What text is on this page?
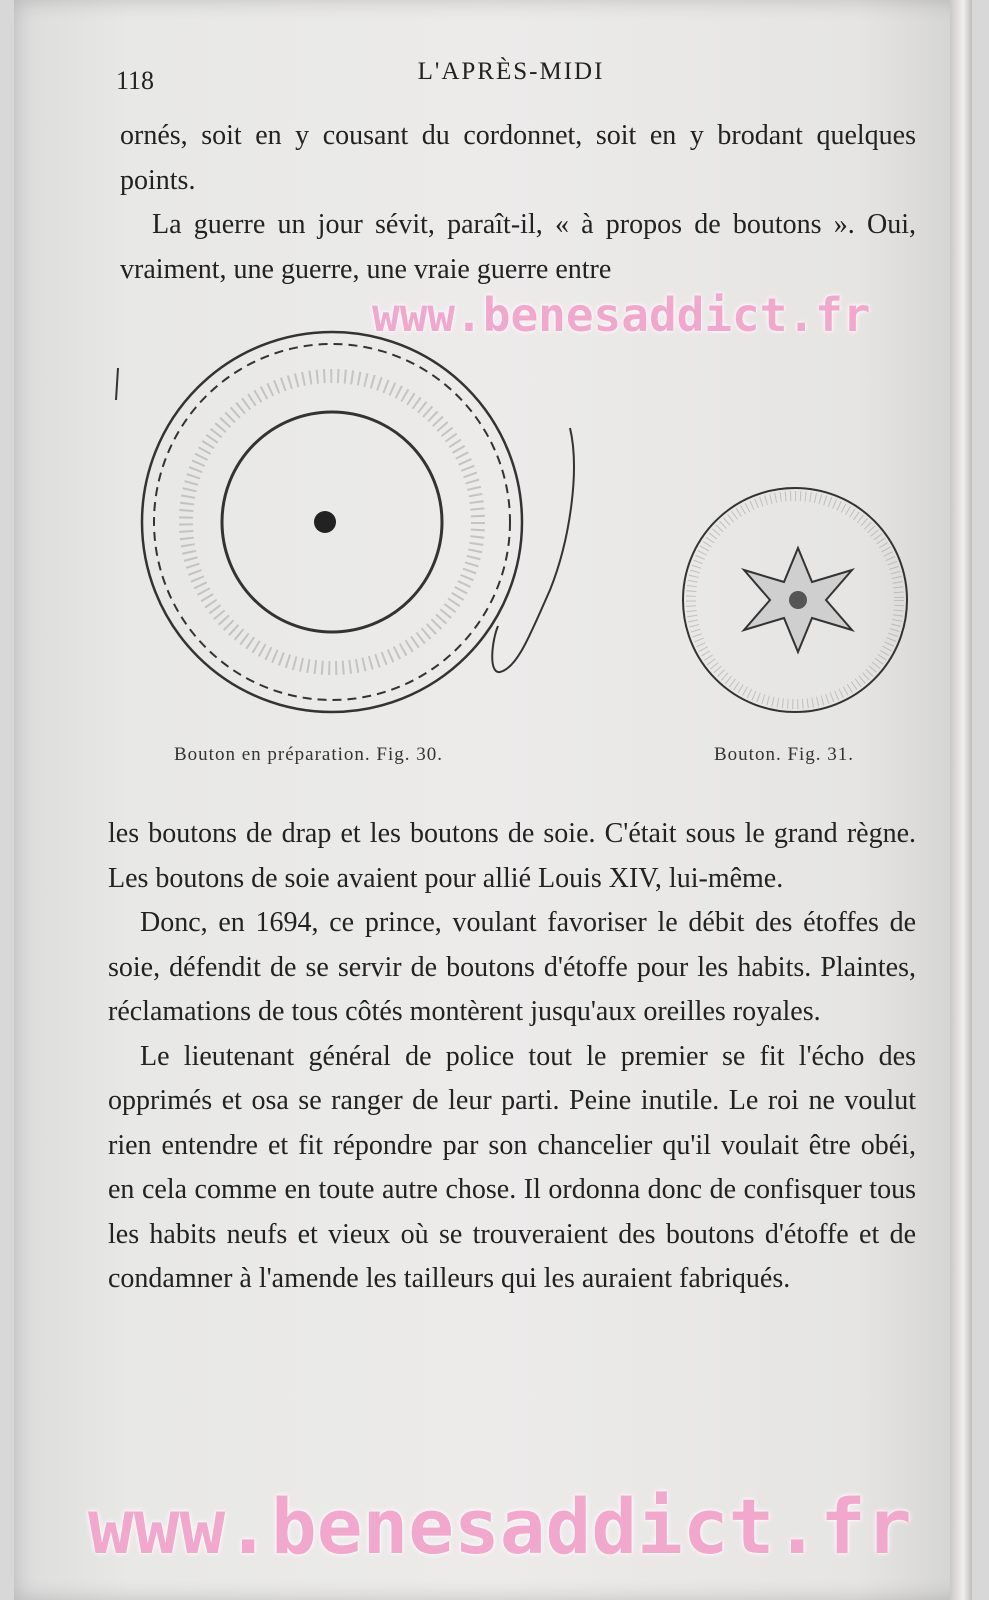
118	L'APRÈS-MIDI

ornés, soit en y cousant du cordonnet, soit en y brodant quelques points.

La guerre un jour sévit, paraît-il, « à propos de boutons ». Oui, vraiment, une guerre, une vraie guerre entre

Bouton en préparation. Fig. 30.	Bouton. Fig. 31.

les boutons de drap et les boutons de soie. C'était sous le grand règne. Les boutons de soie avaient pour allié Louis XIV, lui-même.

Donc, en 1694, ce prince, voulant favoriser le débit des étoffes de soie, défendit de se servir de boutons d'étoffe pour les habits. Plaintes, réclamations de tous côtés montèrent jusqu'aux oreilles royales.

Le lieutenant général de police tout le premier se fit l'écho des opprimés et osa se ranger de leur parti. Peine inutile. Le roi ne voulut rien entendre et fit répondre par son chancelier qu'il voulait être obéi, en cela comme en toute autre chose. Il ordonna donc de confisquer tous les habits neufs et vieux où se trouveraient des boutons d'étoffe et de condamner à l'amende les tailleurs qui les auraient fabriqués.

www.benesaddict.fr
www.benesaddict.fr
